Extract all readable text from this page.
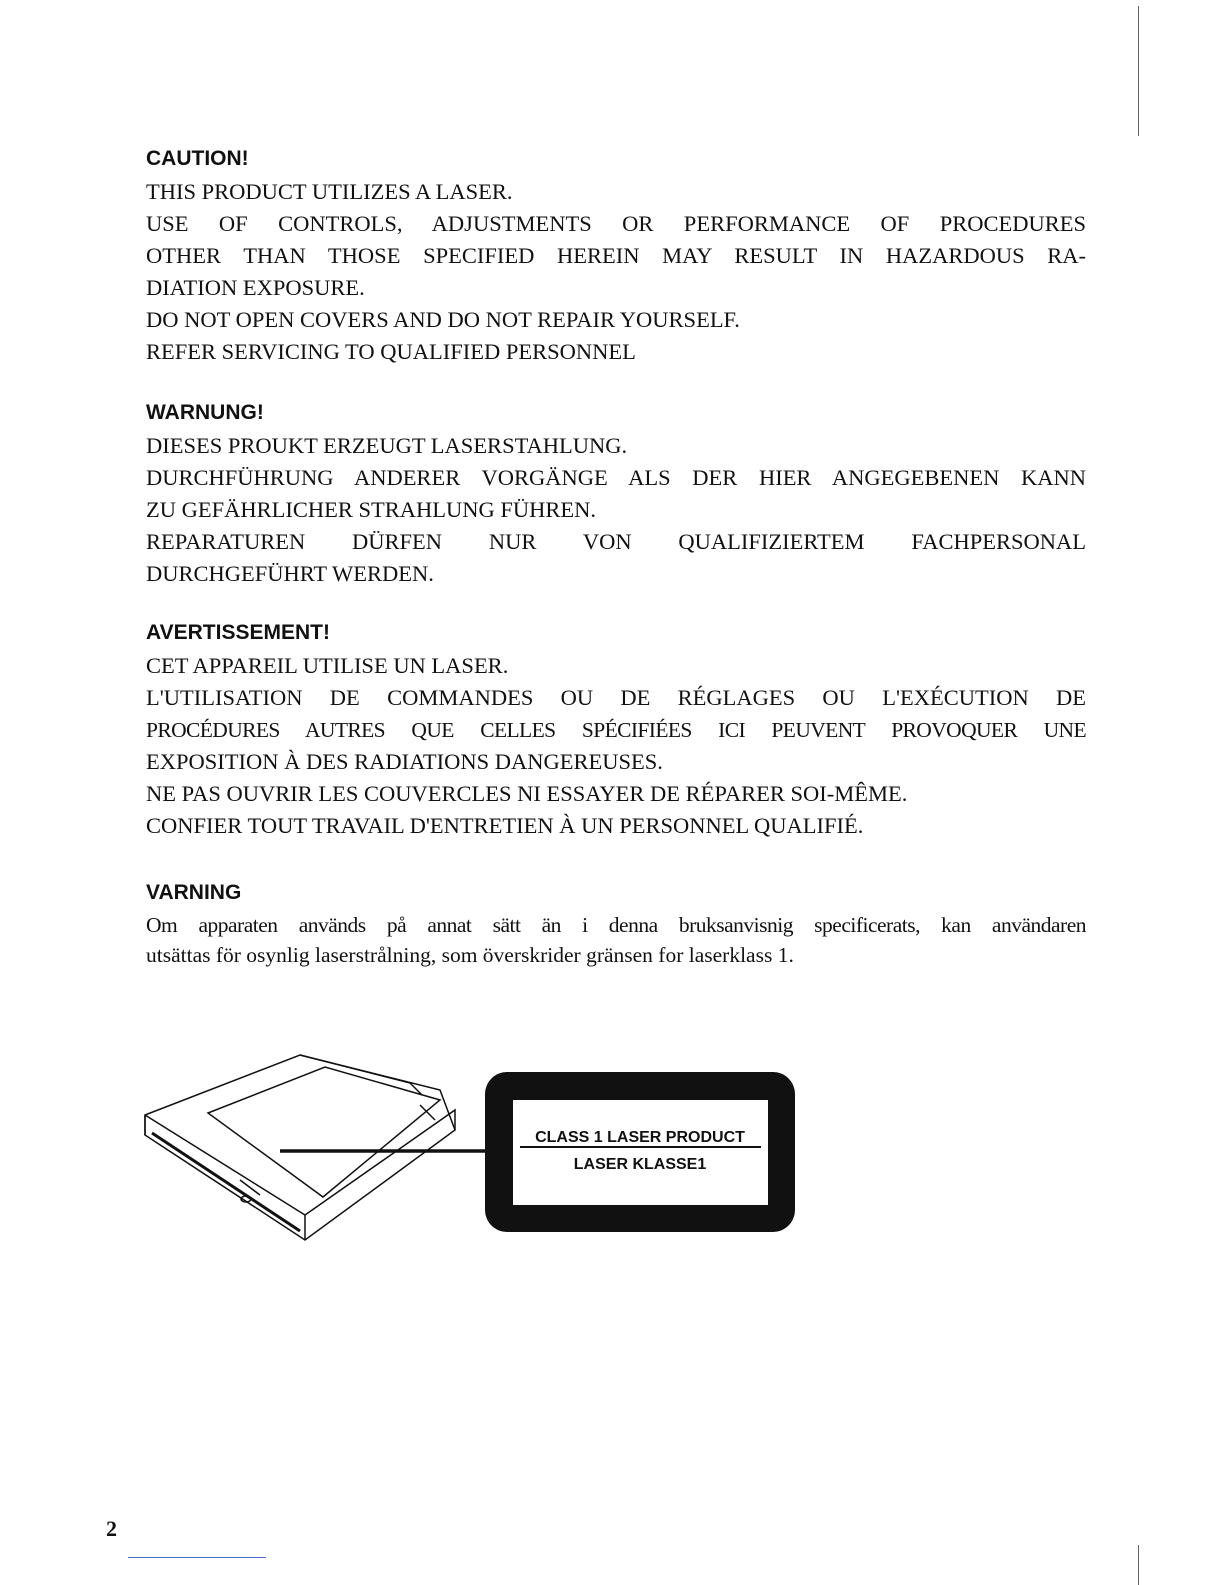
CAUTION!
THIS PRODUCT UTILIZES A LASER.
USE OF CONTROLS, ADJUSTMENTS OR PERFORMANCE OF PROCEDURES
OTHER THAN THOSE SPECIFIED HEREIN MAY RESULT IN HAZARDOUS RA-
DIATION EXPOSURE.
DO NOT OPEN COVERS AND DO NOT REPAIR YOURSELF.
REFER SERVICING TO QUALIFIED PERSONNEL
WARNUNG!
DIESES PROUKT ERZEUGT LASERSTAHLUNG.
DURCHFÜHRUNG ANDERER VORGÄNGE ALS DER HIER ANGEGEBENEN KANN
ZU GEFÄHRLICHER STRAHLUNG FÜHREN.
REPARATUREN DÜRFEN NUR VON QUALIFIZIERTEM FACHPERSONAL
DURCHGEFÜHRT WERDEN.
AVERTISSEMENT!
CET APPAREIL UTILISE UN LASER.
L'UTILISATION DE COMMANDES OU DE RÉGLAGES OU L'EXÉCUTION DE
PROCÉDURES AUTRES QUE CELLES SPÉCIFIÉES ICI PEUVENT PROVOQUER UNE
EXPOSITION À DES RADIATIONS DANGEREUSES.
NE PAS OUVRIR LES COUVERCLES NI ESSAYER DE RÉPARER SOI-MÊME.
CONFIER TOUT TRAVAIL D'ENTRETIEN À UN PERSONNEL QUALIFIÉ.
VARNING
Om apparaten används på annat sätt än i denna bruksanvisnig specificerats, kan användaren
utsättas för osynlig laserstrålning, som överskrider gränsen for laserklass 1.
CLASS 1 LASER PRODUCT
LASER KLASSE1
2
